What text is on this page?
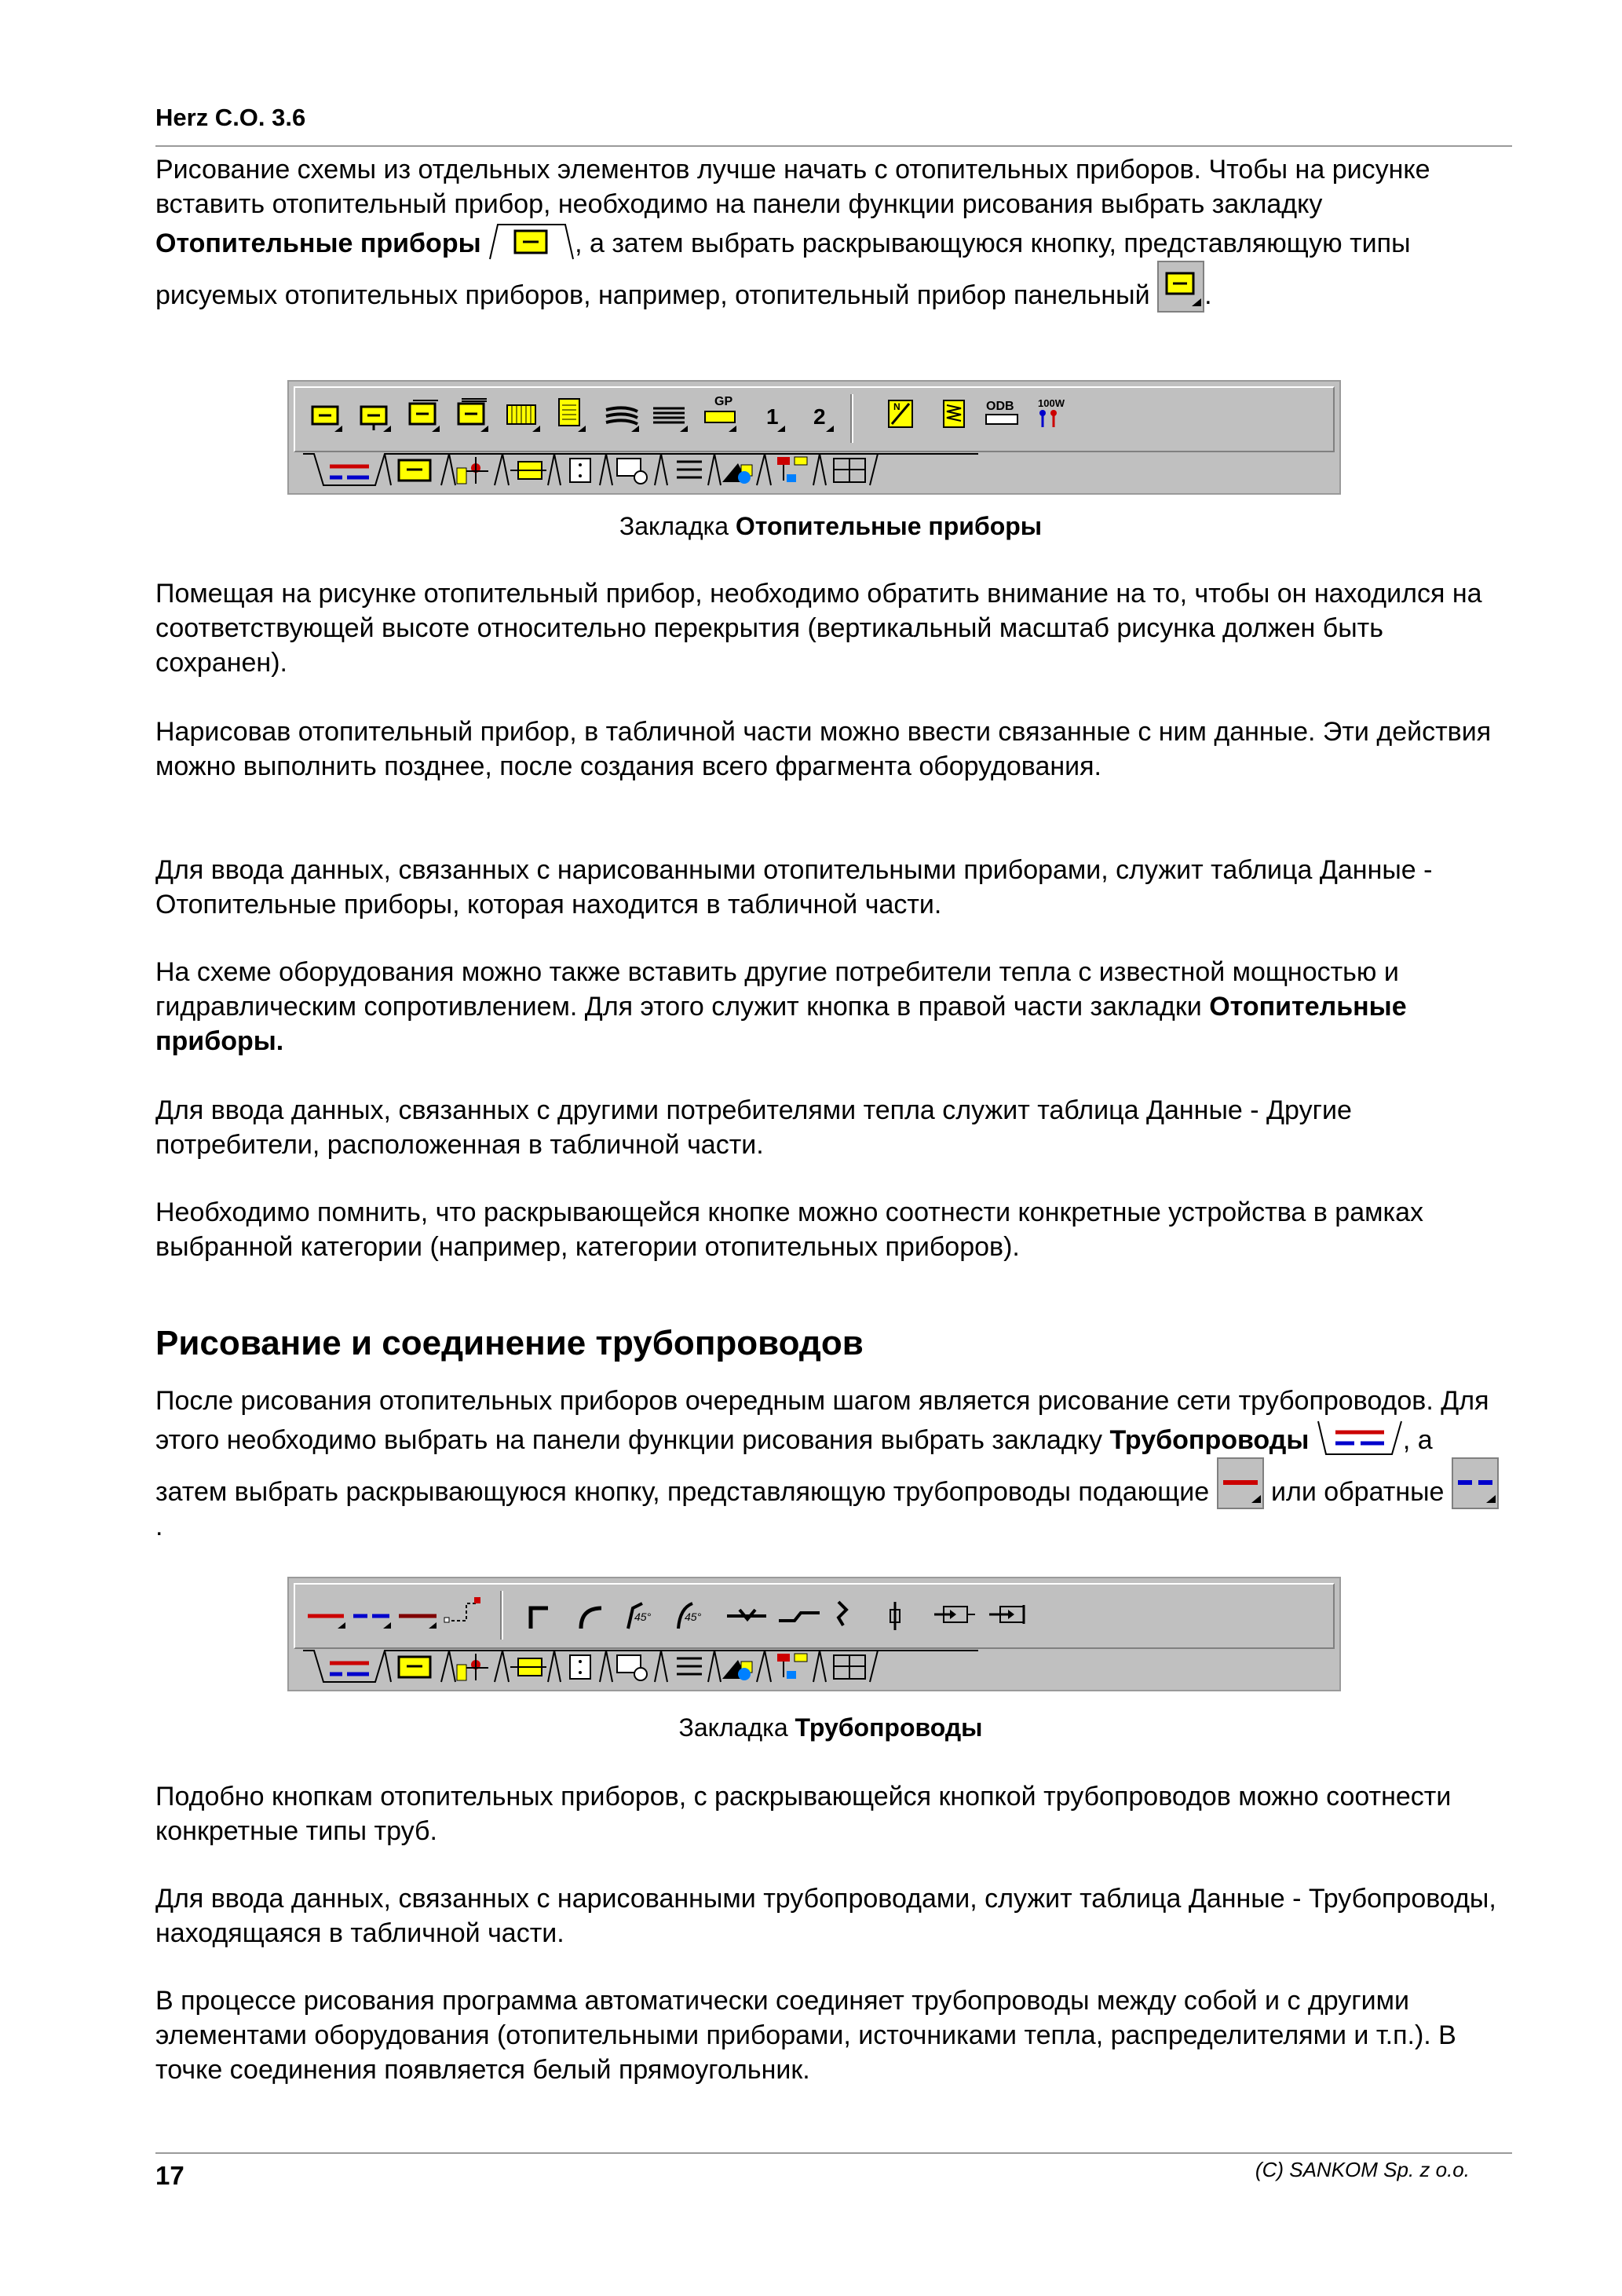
Herz C.O. 3.6
Рисование схемы из отдельных элементов лучше начать с отопительных приборов. Чтобы на рисунке вставить отопительный прибор, необходимо на панели функции рисования выбрать закладку Отопительные приборы	, а затем выбрать раскрывающуюся кнопку, представляющую типы рисуемых отопительных приборов, например, отопительный прибор панельный .
GP
1 2	N	ODB 100W
Закладка Отопительные приборы

Помещая на рисунке отопительный прибор, необходимо обратить внимание на то, чтобы он находился на соответствующей высоте относительно перекрытия (вертикальный масштаб рисунка должен быть сохранен).

Нарисовав отопительный прибор, в табличной части можно ввести связанные с ним данные. Эти действия можно выполнить позднее, после создания всего фрагмента оборудования.

Для ввода данных, связанных с нарисованными отопительными приборами, служит таблица Данные - Отопительные приборы, которая находится в табличной части.

На схеме оборудования можно также вставить другие потребители тепла с известной мощностью и гидравлическим сопротивлением. Для этого служит кнопка в правой части закладки Отопительные приборы.

Для ввода данных, связанных с другими потребителями тепла служит таблица Данные - Другие потребители, расположенная в табличной части.

Необходимо помнить, что раскрывающейся кнопке можно соотнести конкретные устройства в рамках выбранной категории (например, категории отопительных приборов).

Рисование и соединение трубопроводов
После рисования отопительных приборов очередным шагом является рисование сети трубопроводов. Для этого необходимо выбрать на панели функции рисования выбрать закладку Трубопроводы	, а затем выбрать раскрывающуюся кнопку, представляющую трубопроводы подающие  или обратные .
45°	45°
Закладка Трубопроводы

Подобно кнопкам отопительных приборов, с раскрывающейся кнопкой трубопроводов можно соотнести конкретные типы труб.

Для ввода данных, связанных с нарисованными трубопроводами, служит таблица Данные - Трубопроводы, находящаяся в табличной части.

В процессе рисования программа автоматически соединяет трубопроводы между собой и с другими элементами оборудования (отопительными приборами, источниками тепла, распределителями и т.п.). В точке соединения появляется белый прямоугольник.

17	(C) SANKOM Sp. z o.o.
